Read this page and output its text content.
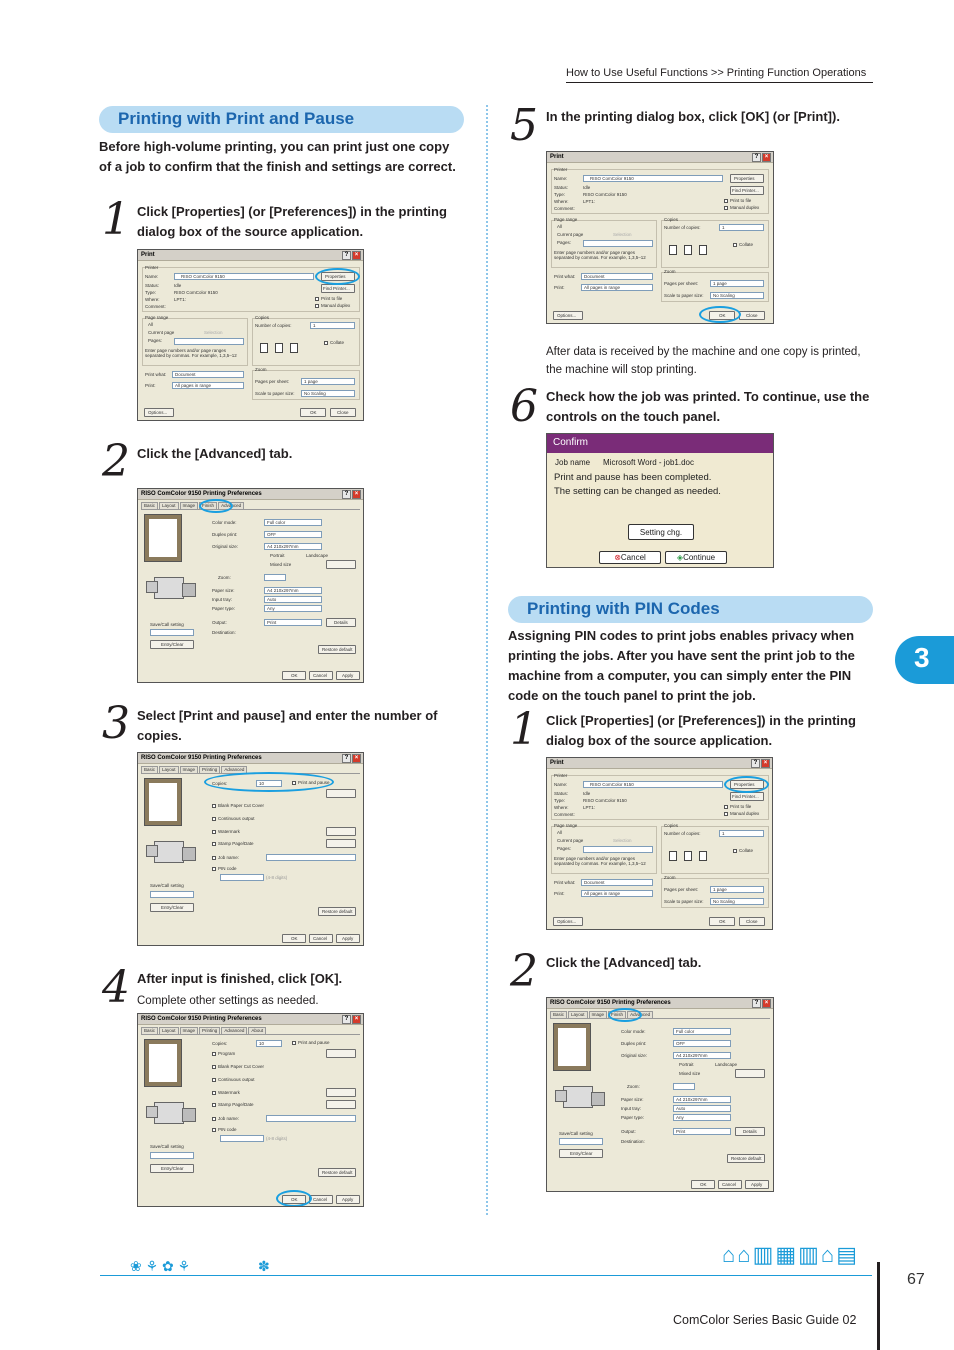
How to Use Useful Functions >> Printing Function Operations
Printing with Print and Pause
Before high-volume printing, you can print just one copy of a job to confirm that the finish and settings are correct.
1 Click [Properties] (or [Preferences]) in the printing dialog box of the source application.
Print	?	×
Printer
Name:	RISO ComColor 9150
Status:	Idle
Type:	RISO ComColor 9150
Where:	LPT1:
Comment:
Properties
Find Printer...
Print to file
Manual duplex
Page range
All
Current page	Selection
Pages:
Enter page numbers and/or page ranges separated by commas. For example, 1,3,5–12
Copies
Number of copies:	1
Collate
Print what: Document
Print:	All pages in range
Zoom
Pages per sheet:	1 page
Scale to paper size: No Scaling
Options...	OK	Close
2 Click the [Advanced] tab.
RISO ComColor 9150 Printing Preferences	?	×
Basic Layout Image Finish Advanced
Color mode:	Full color
Duplex print:	OFF
Original size:	A4 210x297mm
Portrait	Landscape
Mixed size
Zoom:
Paper size:	A4 210x297mm
Input tray:	Auto
Paper type:	Any
Output:	Print	Details
Destination:
Save/Call setting
Entry/Clear
Restore default
OK	Cancel	Apply
3 Select [Print and pause] and enter the number of copies.
RISO ComColor 9150 Printing Preferences	?	×
Basic Layout Image Printing Advanced
Copies:	10	Print and pause
Blank Paper Cut Cover
Continuous output
Watermark
Stamp Page/Date
Job name:
PIN code
(4-8 digits)
Save/Call setting
Entry/Clear
Restore default
OK	Cancel	Apply
4 After input is finished, click [OK].
Complete other settings as needed.
RISO ComColor 9150 Printing Preferences	?	×
Basic Layout Image Printing Advanced About
Copies:	10	Print and pause
Program
Blank Paper Cut Cover
Continuous output
Watermark
Stamp Page/Date
Job name:
PIN code
(4-8 digits)
Save/Call setting
Entry/Clear
Restore default
OK	Cancel	Apply
5 In the printing dialog box, click [OK] (or [Print]).
Print	?	×
Printer
Name:	RISO ComColor 9150
Status:	Idle
Type:	RISO ComColor 9150
Where:	LPT1:
Comment:
Properties
Find Printer...
Print to file
Manual duplex
Page range
All
Current page	Selection
Pages:
Enter page numbers and/or page ranges separated by commas. For example, 1,3,5–12
Copies
Number of copies:	1
Collate
Print what: Document
Print:	All pages in range
Zoom
Pages per sheet:	1 page
Scale to paper size: No Scaling
Options...	OK	Close
After data is received by the machine and one copy is printed, the machine will stop printing.
6 Check how the job was printed. To continue, use the controls on the touch panel.
Confirm
Job name Microsoft Word - job1.doc
Print and pause has been completed.
The setting can be changed as needed.
Setting chg.
⊗Cancel	◈Continue
Printing with PIN Codes
Assigning PIN codes to print jobs enables privacy when printing the jobs. After you have sent the print job to the machine from a computer, you can simply enter the PIN code on the touch panel to print the job.
1 Click [Properties] (or [Preferences]) in the printing dialog box of the source application.
Print	?	×
Printer
Name:	RISO ComColor 9150
Status:	Idle
Type:	RISO ComColor 9150
Where:	LPT1:
Comment:
Properties
Find Printer...
Print to file
Manual duplex
Page range
All
Current page	Selection
Pages:
Enter page numbers and/or page ranges separated by commas. For example, 1,3,5–12
Copies
Number of copies:	1
Collate
Print what: Document
Print:	All pages in range
Zoom
Pages per sheet:	1 page
Scale to paper size: No Scaling
Options...	OK	Close
2 Click the [Advanced] tab.
RISO ComColor 9150 Printing Preferences	?	×
Basic Layout Image Finish Advanced
Color mode:	Full color
Duplex print:	OFF
Original size:	A4 210x297mm
Portrait	Landscape
Mixed size
Zoom:
Paper size:	A4 210x297mm
Input tray:	Auto
Paper type:	Any
Output:	Print	Details
Destination:
Save/Call setting
Entry/Clear
Restore default
OK	Cancel	Apply
3
❀ ⚘ ✿ ⚘	✽	⌂⌂▥▦▥⌂▤
67
ComColor Series Basic Guide 02
